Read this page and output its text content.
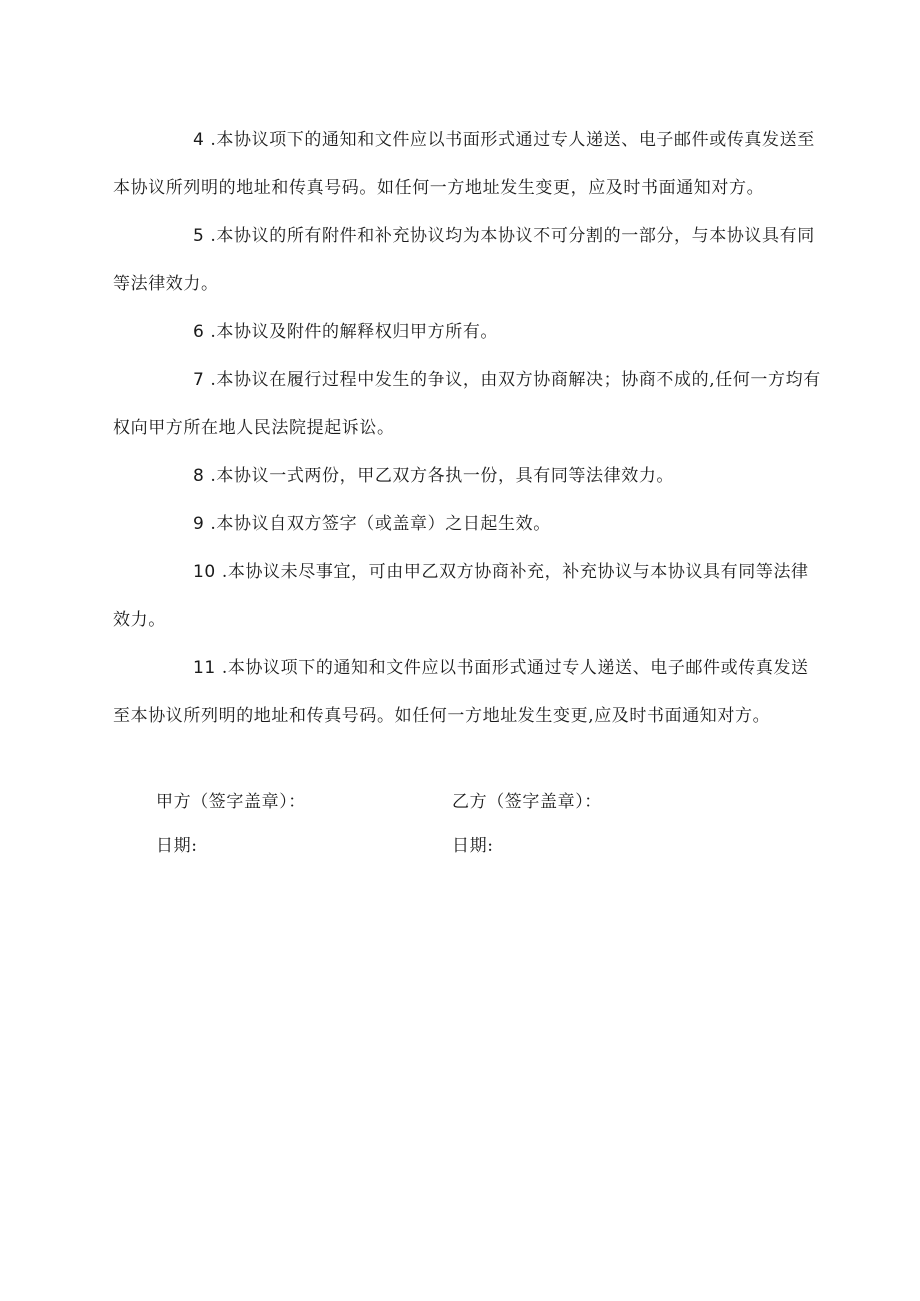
4 .本协议项下的通知和文件应以书面形式通过专人递送、电子邮件或传真发送至本协议所列明的地址和传真号码。如任何一方地址发生变更，应及时书面通知对方。

5 .本协议的所有附件和补充协议均为本协议不可分割的一部分，与本协议具有同等法律效力。

6 .本协议及附件的解释权归甲方所有。

7 .本协议在履行过程中发生的争议，由双方协商解决；协商不成的,任何一方均有权向甲方所在地人民法院提起诉讼。

8 .本协议一式两份，甲乙双方各执一份，具有同等法律效力。

9 .本协议自双方签字（或盖章）之日起生效。

10 .本协议未尽事宜，可由甲乙双方协商补充，补充协议与本协议具有同等法律效力。

11 .本协议项下的通知和文件应以书面形式通过专人递送、电子邮件或传真发送至本协议所列明的地址和传真号码。如任何一方地址发生变更,应及时书面通知对方。

甲方（签字盖章）：
日期:
乙方（签字盖章）：
日期:
